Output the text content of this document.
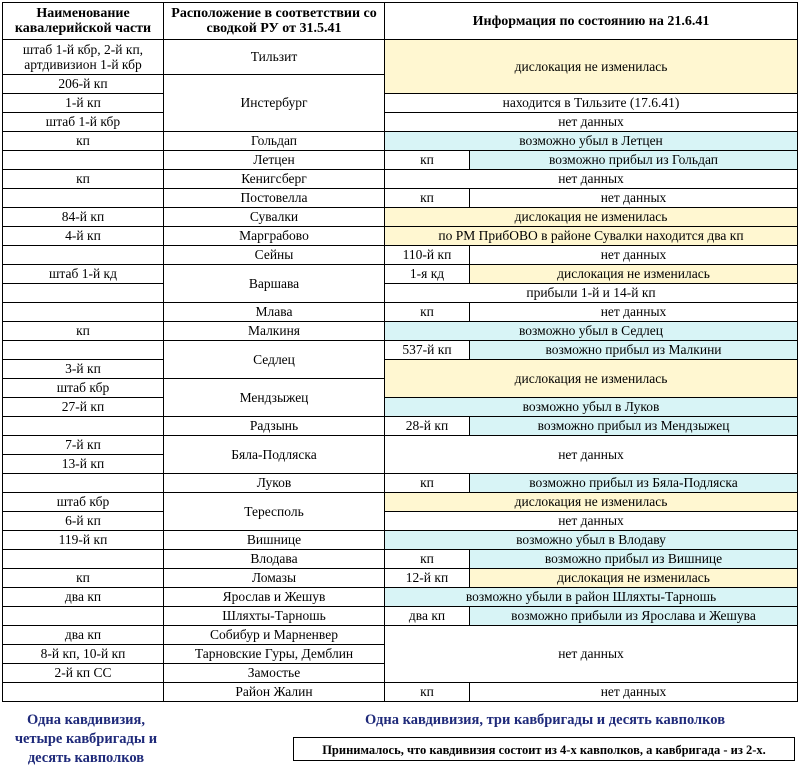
Наименование кавалерийской части	Расположение в соответствии со сводкой РУ от 31.5.41	Информация по состоянию на 21.6.41	
штаб 1-й кбр, 2-й кп, артдивизион 1-й кбр	Тильзит	дислокация не изменилась	
206-й кп	Инстербург		
1-й кп		находится в Тильзите (17.6.41)	
штаб 1-й кбр		нет данных	
кп	Гольдап	возможно убыл в Летцен	
	Летцен	кп	возможно прибыл из Гольдап
кп	Кенигсберг	нет данных	
	Постовелла	кп	нет данных
84-й кп	Сувалки	дислокация не изменилась	
4-й кп	Марграбово	по РМ ПрибОВО в районе Сувалки находится два кп	
	Сейны	110-й кп	нет данных
штаб 1-й кд	Варшава	1-я кд	дислокация не изменилась
		прибыли 1-й и 14-й кп	
	Млава	кп	нет данных
кп	Малкиня	возможно убыл в Седлец	
	Седлец	537-й кп	возможно прибыл из Малкини
3-й кп		дислокация не изменилась	
штаб кбр	Мендзыжец		
27-й кп		возможно убыл в Луков	
	Радзынь	28-й кп	возможно прибыл из Мендзыжец
7-й кп	Бяла-Подляска	нет данных	
13-й кп			
	Луков	кп	возможно прибыл из Бяла-Подляска
штаб кбр	Тересполь	дислокация не изменилась	
6-й кп		нет данных	
119-й кп	Вишнице	возможно убыл в Влодаву	
	Влодава	кп	возможно прибыл из Вишнице
кп	Ломазы	12-й кп	дислокация не изменилась
два кп	Ярослав и Жешув	возможно убыли в район Шляхты-Тарношь	
	Шляхты-Тарношь	два кп	возможно прибыли из Ярослава и Жешува
два кп	Собибур и Марненвер	нет данных	
8-й кп, 10-й кп	Тарновские Гуры, Демблин		
2-й кп СС	Замостье		
	Район Жалин	кп	нет данных
Одна кавдивизия, четыре кавбригады и десять кавполков
Одна кавдивизия, три кавбригады и десять кавполков
Принималось, что кавдивизия состоит из 4-х кавполков, а кавбригада - из 2-х.
